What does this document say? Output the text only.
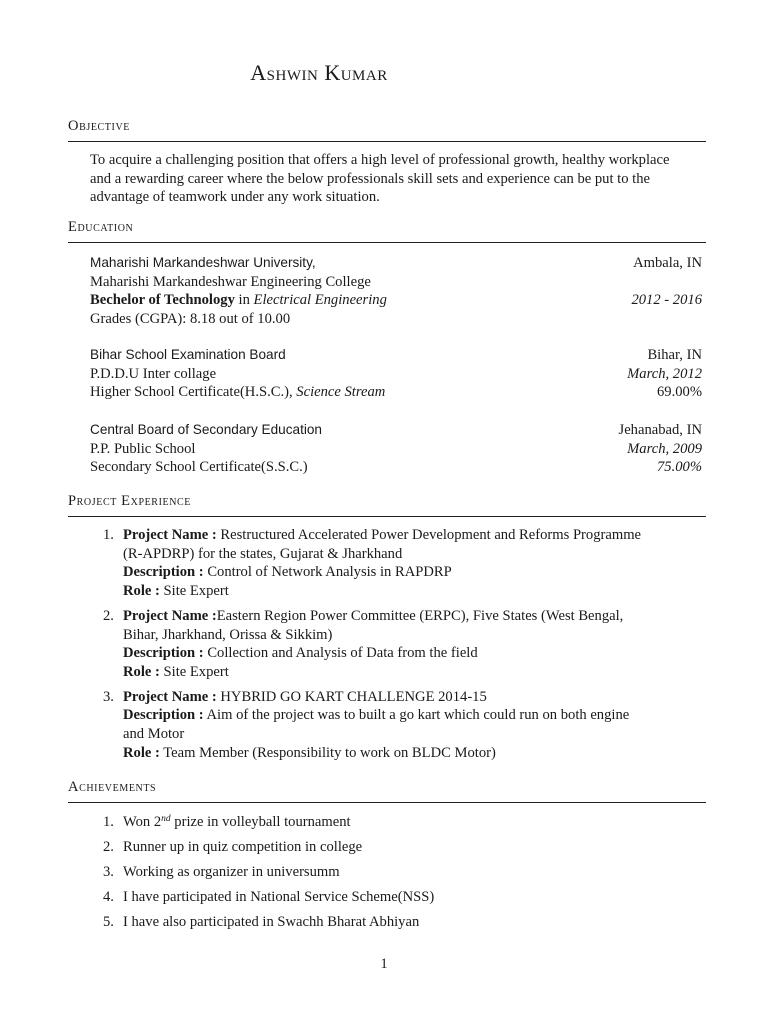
Ashwin Kumar
Objective
To acquire a challenging position that offers a high level of professional growth, healthy workplace
and a rewarding career where the below professionals skill sets and experience can be put to the
advantage of teamwork under any work situation.
Education
Maharishi Markandeshwar University,	Ambala, IN
Maharishi Markandeshwar Engineering College
Bechelor of Technology in Electrical Engineering	2012 - 2016
Grades (CGPA): 8.18 out of 10.00
Bihar School Examination Board	Bihar, IN
P.D.D.U Inter collage	March, 2012
Higher School Certificate(H.S.C.), Science Stream	69.00%
Central Board of Secondary Education	Jehanabad, IN
P.P. Public School	March, 2009
Secondary School Certificate(S.S.C.)	75.00%
Project Experience
1. Project Name : Restructured Accelerated Power Development and Reforms Programme
(R-APDRP) for the states, Gujarat & Jharkhand
Description : Control of Network Analysis in RAPDRP
Role : Site Expert
2. Project Name :Eastern Region Power Committee (ERPC), Five States (West Bengal,
Bihar, Jharkhand, Orissa & Sikkim)
Description : Collection and Analysis of Data from the field
Role : Site Expert
3. Project Name : HYBRID GO KART CHALLENGE 2014-15
Description : Aim of the project was to built a go kart which could run on both engine
and Motor
Role : Team Member (Responsibility to work on BLDC Motor)
Achievements
1. Won 2nd prize in volleyball tournament
2. Runner up in quiz competition in college
3. Working as organizer in universumm
4. I have participated in National Service Scheme(NSS)
5. I have also participated in Swachh Bharat Abhiyan
1
